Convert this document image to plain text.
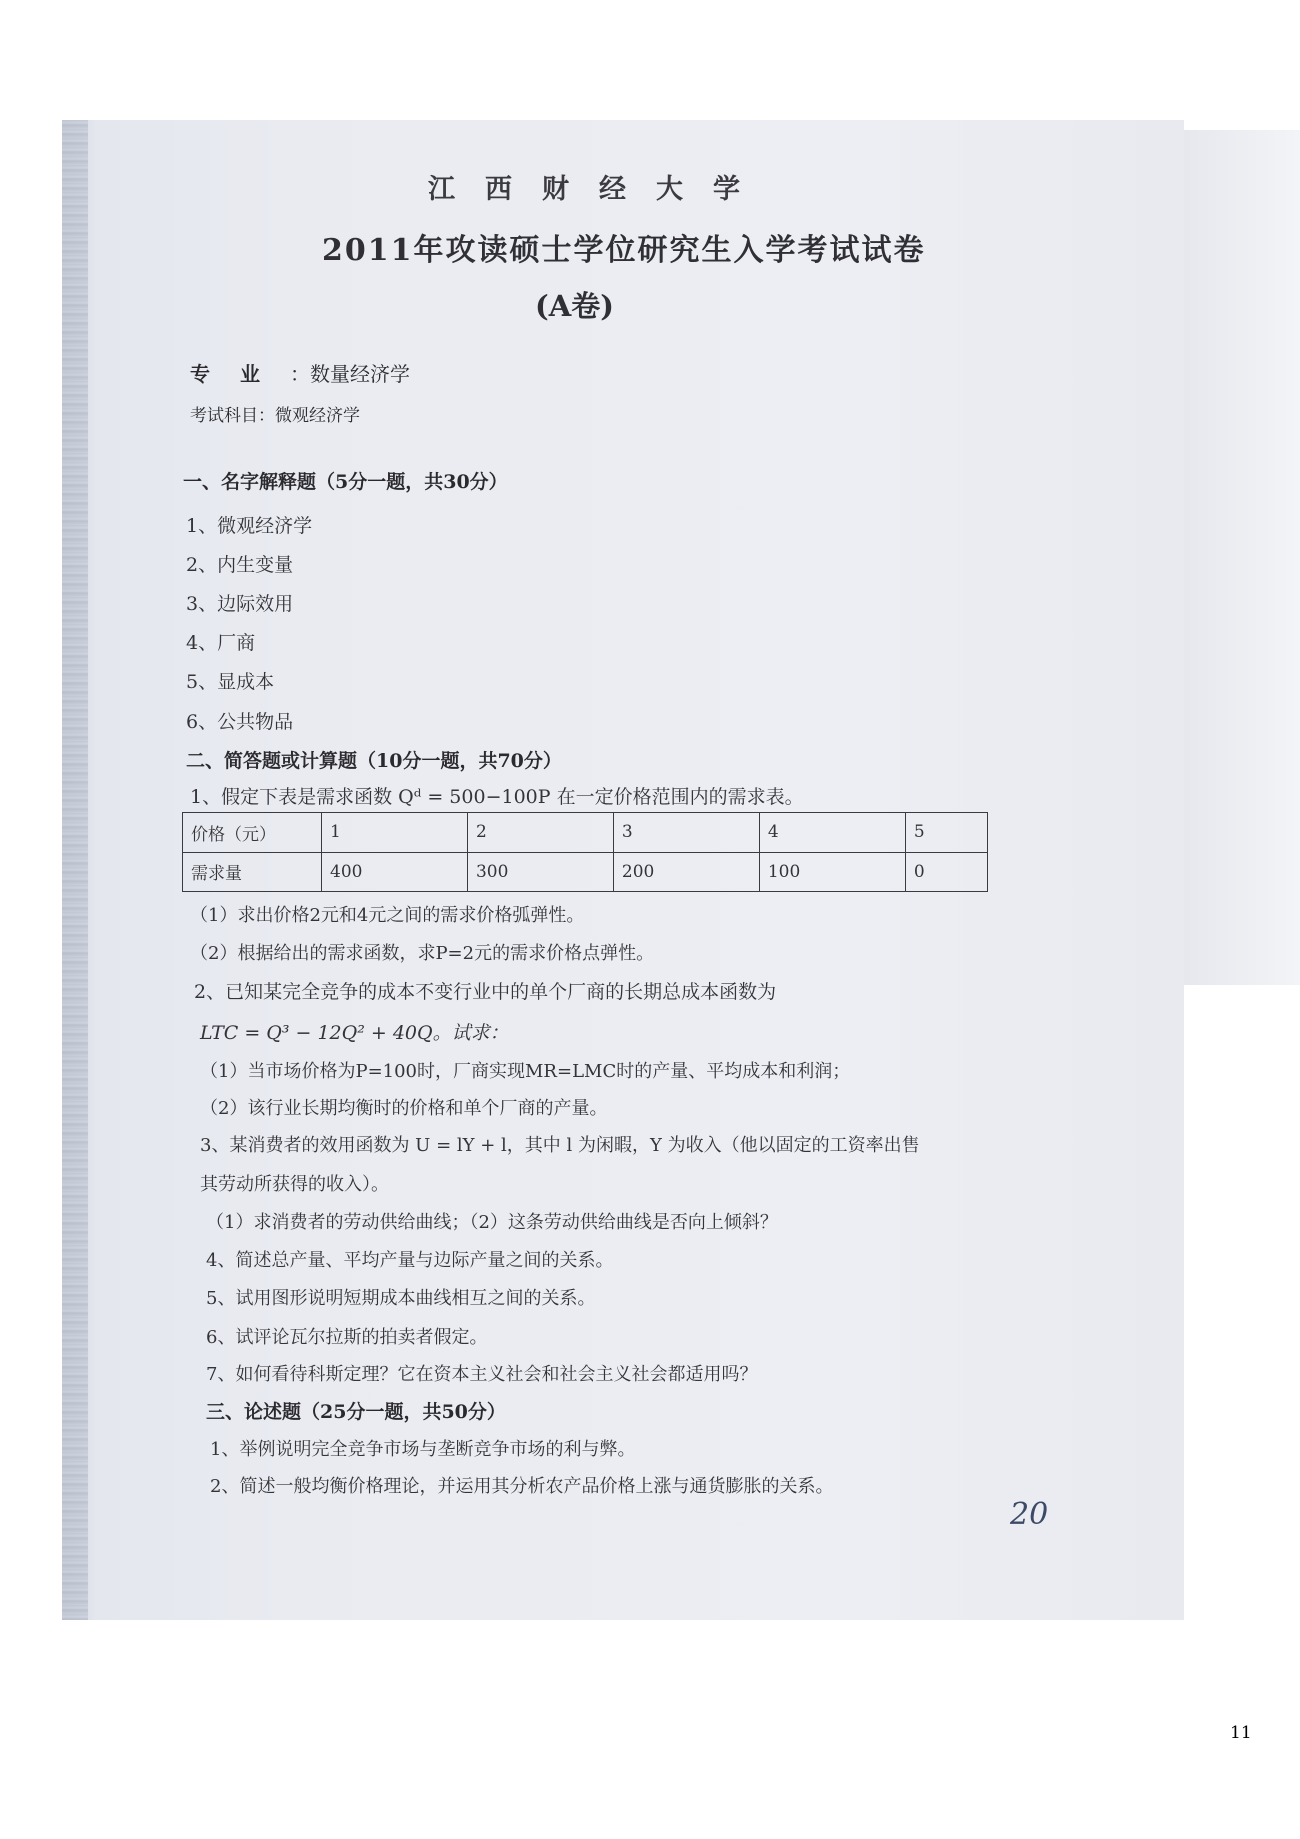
江西财经大学
2011年攻读硕士学位研究生入学考试试卷
(A卷)
专业：数量经济学
考试科目：微观经济学
一、名字解释题（5分一题，共30分）
1、微观经济学
2、内生变量
3、边际效用
4、厂商
5、显成本
6、公共物品
二、简答题或计算题（10分一题，共70分）
1、假定下表是需求函数 Qᵈ = 500−100P 在一定价格范围内的需求表。
价格（元）	1	2	3	4	5
需求量	400	300	200	100	0
（1）求出价格2元和4元之间的需求价格弧弹性。
（2）根据给出的需求函数，求P=2元的需求价格点弹性。
2、已知某完全竞争的成本不变行业中的单个厂商的长期总成本函数为
LTC = Q³ − 12Q² + 40Q。试求：
（1）当市场价格为P=100时，厂商实现MR=LMC时的产量、平均成本和利润；
（2）该行业长期均衡时的价格和单个厂商的产量。
3、某消费者的效用函数为 U = lY + l，其中 l 为闲暇，Y 为收入（他以固定的工资率出售
其劳动所获得的收入）。
（1）求消费者的劳动供给曲线；（2）这条劳动供给曲线是否向上倾斜？
4、简述总产量、平均产量与边际产量之间的关系。
5、试用图形说明短期成本曲线相互之间的关系。
6、试评论瓦尔拉斯的拍卖者假定。
7、如何看待科斯定理？它在资本主义社会和社会主义社会都适用吗？
三、论述题（25分一题，共50分）
1、举例说明完全竞争市场与垄断竞争市场的利与弊。
2、简述一般均衡价格理论，并运用其分析农产品价格上涨与通货膨胀的关系。
20
11
